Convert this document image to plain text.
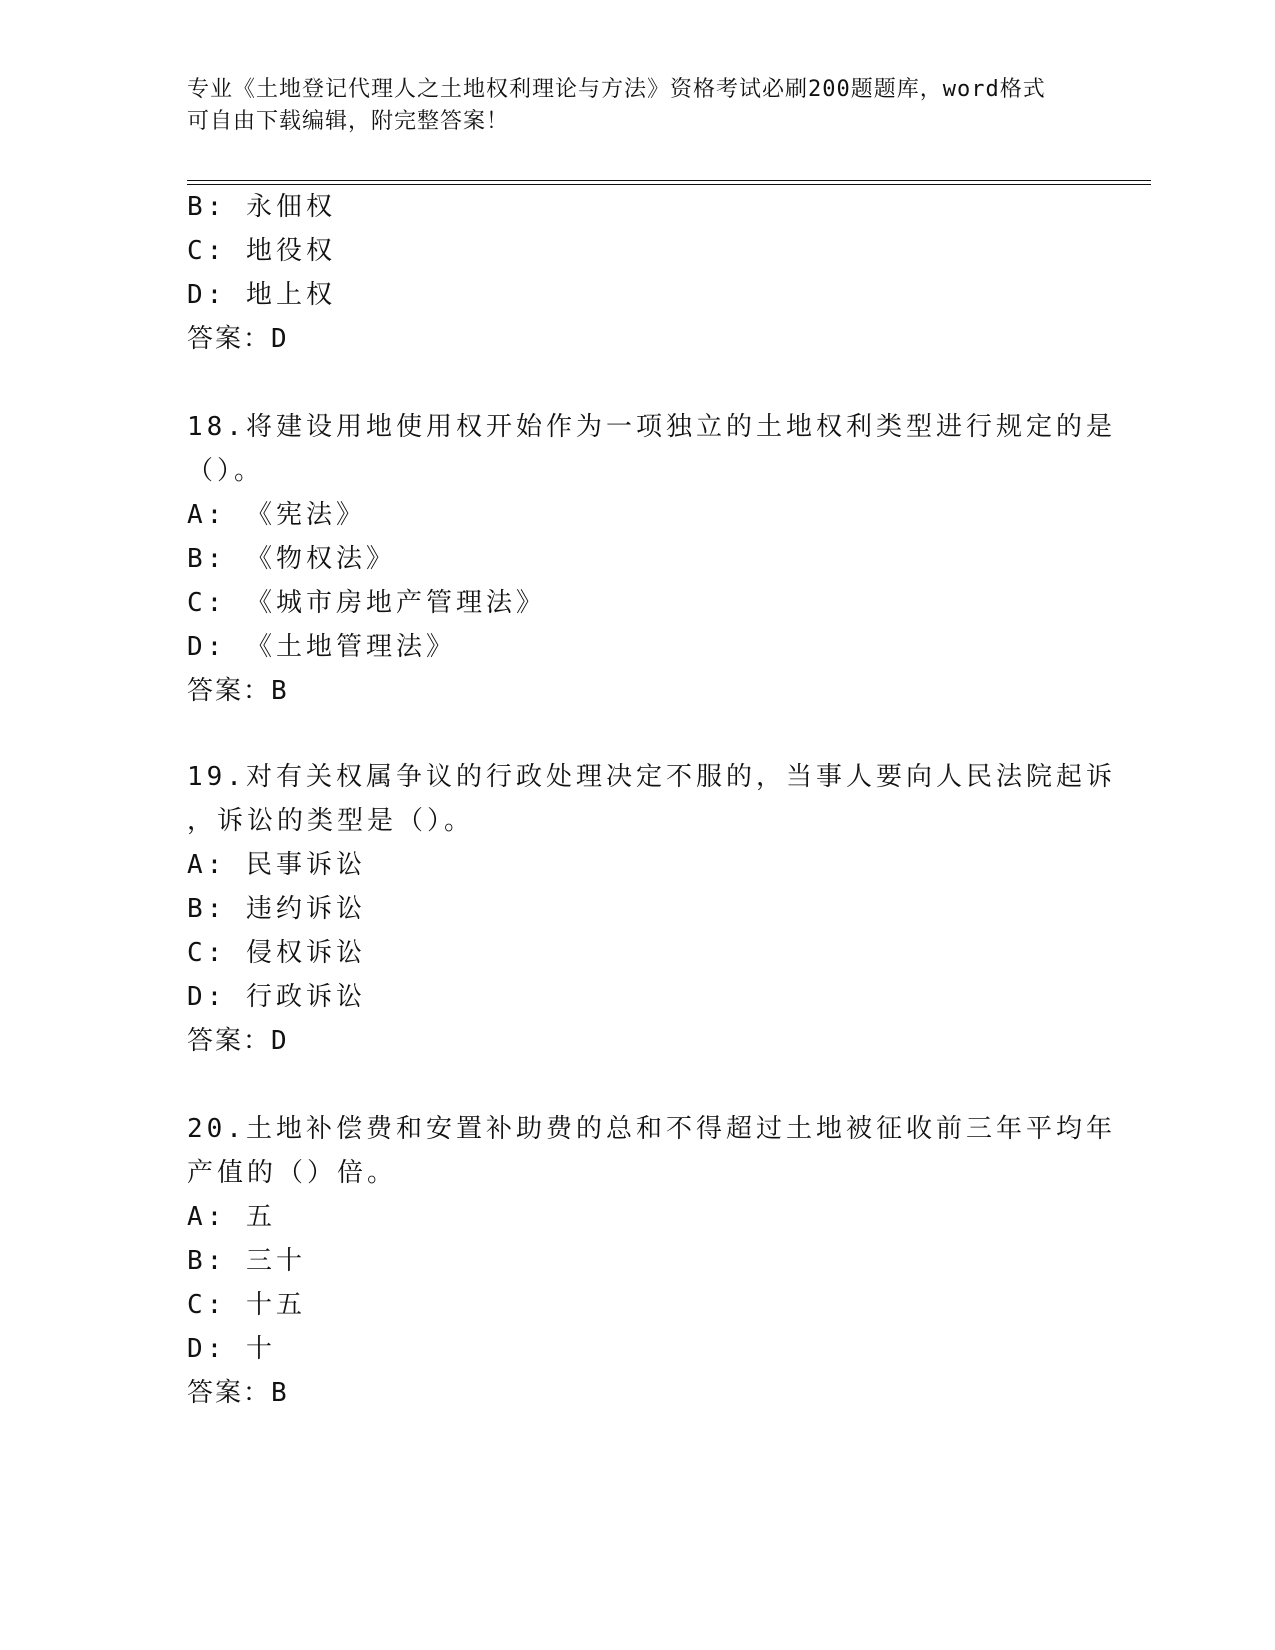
专业《土地登记代理人之土地权利理论与方法》资格考试必刷200题题库，word格式可自由下载编辑，附完整答案！
B: 永佃权
C: 地役权
D: 地上权
答案：D
18.将建设用地使用权开始作为一项独立的土地权利类型进行规定的是
（）。
A: 《宪法》
B: 《物权法》
C: 《城市房地产管理法》
D: 《土地管理法》
答案：B
19.对有关权属争议的行政处理决定不服的，当事人要向人民法院起诉
，诉讼的类型是（）。
A: 民事诉讼
B: 违约诉讼
C: 侵权诉讼
D: 行政诉讼
答案：D
20.土地补偿费和安置补助费的总和不得超过土地被征收前三年平均年
产值的（）倍。
A: 五
B: 三十
C: 十五
D: 十
答案：B
